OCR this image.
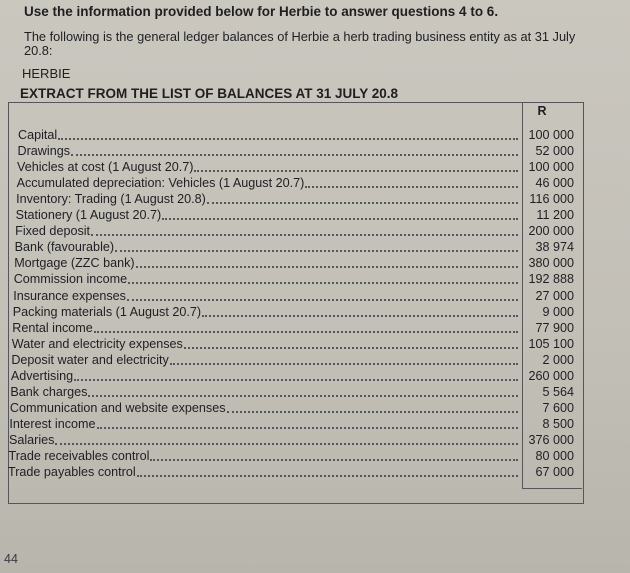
Use the information provided below for Herbie to answer questions 4 to 6.
The following is the general ledger balances of Herbie a herb trading business entity as at 31 July 20.8:
HERBIE
EXTRACT FROM THE LIST OF BALANCES AT 31 JULY 20.8
R
Capital	100 000
Drawings	52 000
Vehicles at cost (1 August 20.7)	100 000
Accumulated depreciation: Vehicles (1 August 20.7)	46 000
Inventory: Trading (1 August 20.8)	116 000
Stationery (1 August 20.7)	11 200
Fixed deposit	200 000
Bank (favourable)	38 974
Mortgage (ZZC bank)	380 000
Commission income	192 888
Insurance expenses	27 000
Packing materials (1 August 20.7)	9 000
Rental income	77 900
Water and electricity expenses	105 100
Deposit water and electricity	2 000
Advertising	260 000
Bank charges	5 564
Communication and website expenses	7 600
Interest income	8 500
Salaries	376 000
Trade receivables control	80 000
Trade payables control	67 000
44
